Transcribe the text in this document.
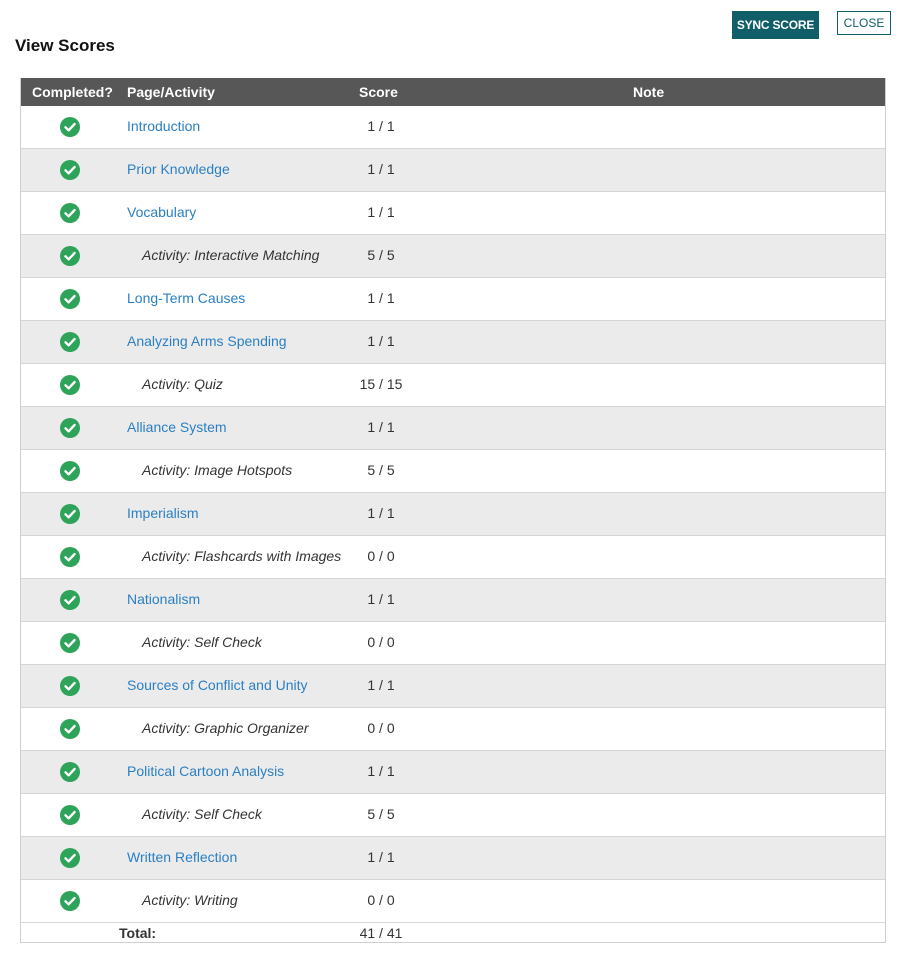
View Scores
SYNC SCORE	CLOSE
Completed? Page/Activity	Score	Note
Introduction	1 / 1
Prior Knowledge	1 / 1
Vocabulary	1 / 1
Activity: Interactive Matching	5 / 5
Long-Term Causes	1 / 1
Analyzing Arms Spending	1 / 1
Activity: Quiz	15 / 15
Alliance System	1 / 1
Activity: Image Hotspots	5 / 5
Imperialism	1 / 1
Activity: Flashcards with Images	0 / 0
Nationalism	1 / 1
Activity: Self Check	0 / 0
Sources of Conflict and Unity	1 / 1
Activity: Graphic Organizer	0 / 0
Political Cartoon Analysis	1 / 1
Activity: Self Check	5 / 5
Written Reflection	1 / 1
Activity: Writing	0 / 0
Total:	41 / 41
